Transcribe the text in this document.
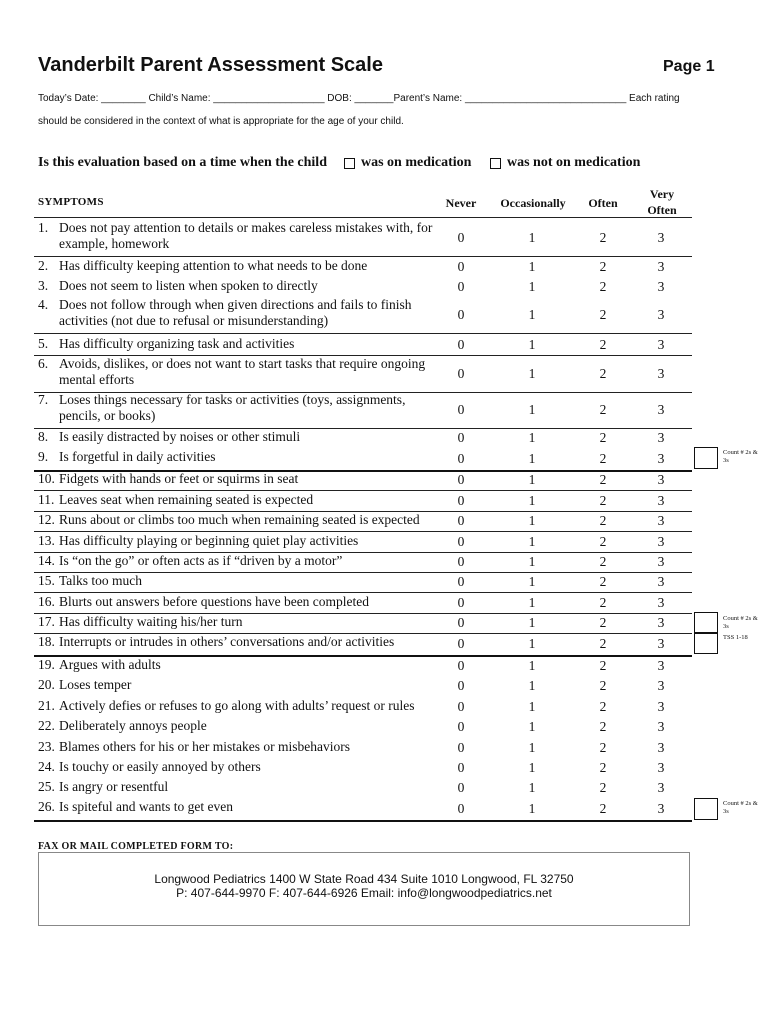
Vanderbilt Parent Assessment Scale	Page 1
Today’s Date: ________ Child’s Name: ____________________ DOB: _______Parent’s Name: _____________________________ Each rating
should be considered in the context of what is appropriate for the age of your child.
Is this evaluation based on a time when the child was on medication	was not on medication
SYMPTOMS	Never	Occasionally	Often
Very
Often
1. Does not pay attention to details or makes careless mistakes with, for example, homework	0	1	2	3
2. Has difficulty keeping attention to what needs to be done	0	1	2	3
3. Does not seem to listen when spoken to directly	0	1	2	3
4. Does not follow through when given directions and fails to finish activities (not due to refusal or misunderstanding)	0	1	2	3
5. Has difficulty organizing task and activities	0	1	2	3
6. Avoids, dislikes, or does not want to start tasks that require ongoing mental efforts	0	1	2	3
7. Loses things necessary for tasks or activities (toys, assignments, pencils, or books)	0	1	2	3
8. Is easily distracted by noises or other stimuli	0	1	2	3
9. Is forgetful in daily activities	0	1	2	3
10. Fidgets with hands or feet or squirms in seat	0	1	2	3
11. Leaves seat when remaining seated is expected	0	1	2	3
12. Runs about or climbs too much when remaining seated is expected	0	1	2	3
13. Has difficulty playing or beginning quiet play activities	0	1	2	3
14. Is “on the go” or often acts as if “driven by a motor”	0	1	2	3
15. Talks too much	0	1	2	3
16. Blurts out answers before questions have been completed	0	1	2	3
17. Has difficulty waiting his/her turn	0	1	2	3
18. Interrupts or intrudes in others’ conversations and/or activities	0	1	2	3
19. Argues with adults	0	1	2	3
20. Loses temper	0	1	2	3
21. Actively defies or refuses to go along with adults’ request or rules	0	1	2	3
22. Deliberately annoys people	0	1	2	3
23. Blames others for his or her mistakes or misbehaviors	0	1	2	3
24. Is touchy or easily annoyed by others	0	1	2	3
25. Is angry or resentful	0	1	2	3
26. Is spiteful and wants to get even	0	1	2	3
Count # 2s & 3s
Count # 2s & 3s
TSS 1-18
Count # 2s & 3s
FAX OR MAIL COMPLETED FORM TO:
Longwood Pediatrics 1400 W State Road 434 Suite 1010 Longwood, FL 32750
P: 407-644-9970 F: 407-644-6926 Email: info@longwoodpediatrics.net
